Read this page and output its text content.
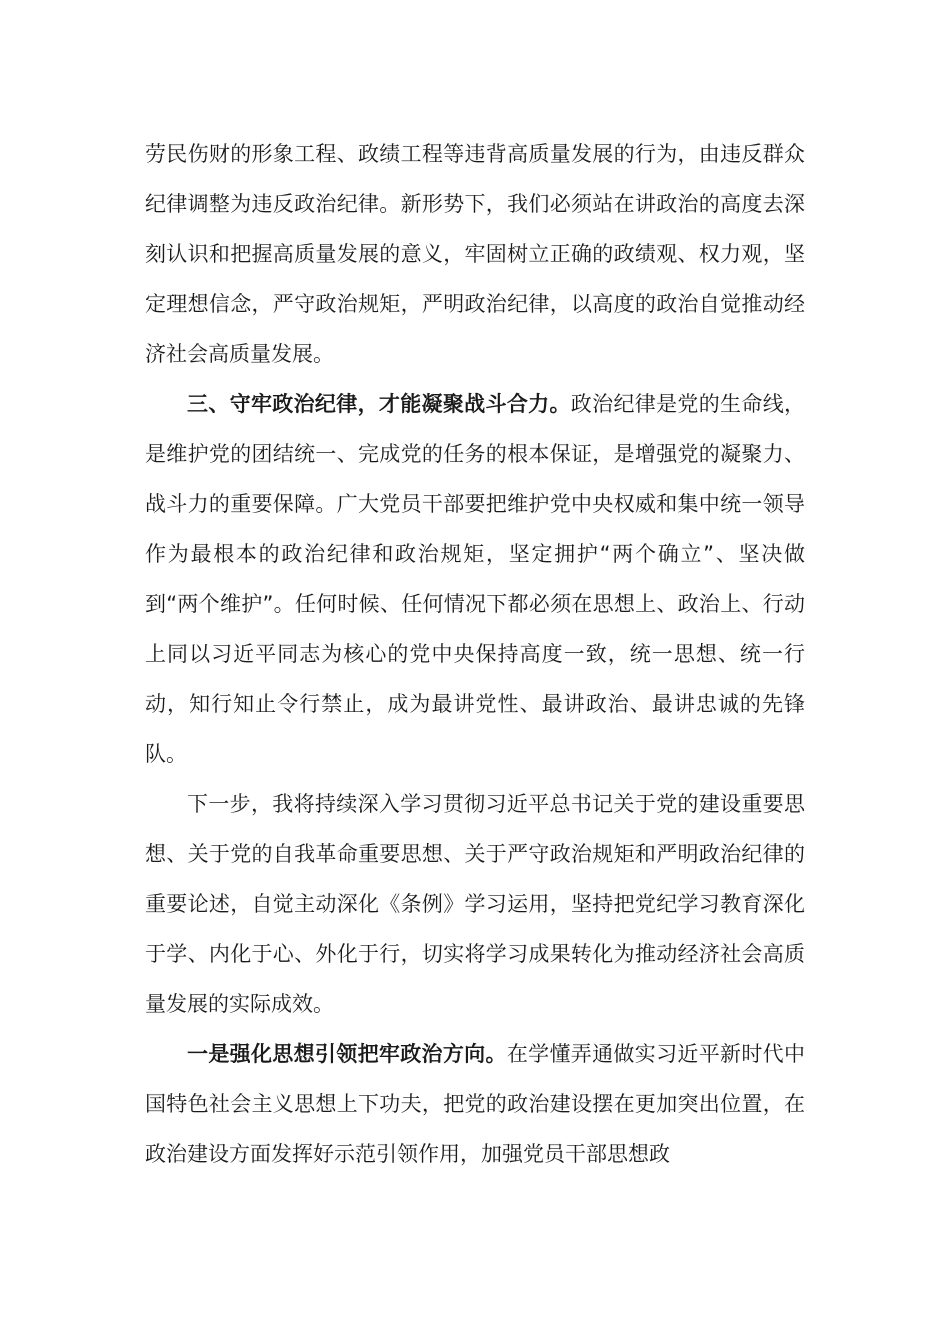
劳民伤财的形象工程、政绩工程等违背高质量发展的行为，由违反群众纪律调整为违反政治纪律。新形势下，我们必须站在讲政治的高度去深刻认识和把握高质量发展的意义，牢固树立正确的政绩观、权力观，坚定理想信念，严守政治规矩，严明政治纪律，以高度的政治自觉推动经济社会高质量发展。

三、守牢政治纪律，才能凝聚战斗合力。政治纪律是党的生命线，是维护党的团结统一、完成党的任务的根本保证，是增强党的凝聚力、战斗力的重要保障。广大党员干部要把维护党中央权威和集中统一领导作为最根本的政治纪律和政治规矩，坚定拥护“两个确立”、坚决做到“两个维护”。任何时候、任何情况下都必须在思想上、政治上、行动上同以习近平同志为核心的党中央保持高度一致，统一思想、统一行动，知行知止令行禁止，成为最讲党性、最讲政治、最讲忠诚的先锋队。

下一步，我将持续深入学习贯彻习近平总书记关于党的建设重要思想、关于党的自我革命重要思想、关于严守政治规矩和严明政治纪律的重要论述，自觉主动深化《条例》学习运用，坚持把党纪学习教育深化于学、内化于心、外化于行，切实将学习成果转化为推动经济社会高质量发展的实际成效。

一是强化思想引领把牢政治方向。在学懂弄通做实习近平新时代中国特色社会主义思想上下功夫，把党的政治建设摆在更加突出位置，在政治建设方面发挥好示范引领作用，加强党员干部思想政
